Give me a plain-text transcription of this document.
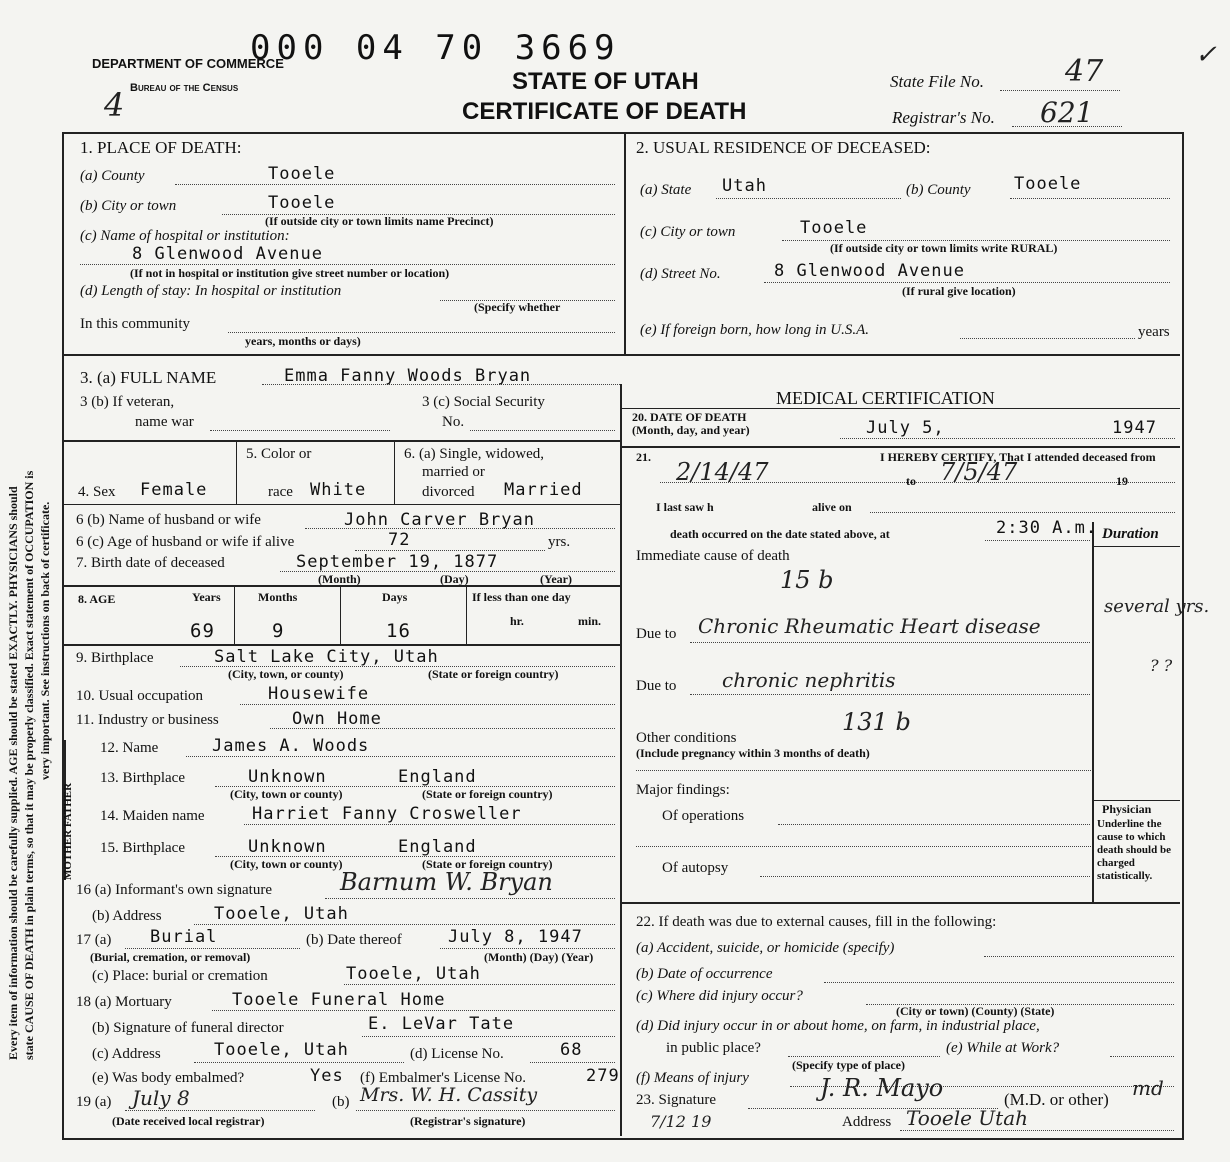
Every item of information should be carefully supplied. AGE should be stated EXACTLY. PHYSICIANS should state CAUSE OF DEATH in plain terms, so that it may be properly classified. Exact statement of OCCUPATION is very important. See instructions on back of certificate.
DEPARTMENT OF COMMERCE
Bureau of the Census
000 04 70 3669
STATE OF UTAH
CERTIFICATE OF DEATH
State File No.	47
Registrar's No. 621
4
✓
1. PLACE OF DEATH:
(a) County	Tooele
(b) City or town	Tooele
(If outside city or town limits name Precinct)
(c) Name of hospital or institution:
8 Glenwood Avenue
(If not in hospital or institution give street number or location)
(d) Length of stay: In hospital or institution
(Specify whether
In this community
years, months or days)
2. USUAL RESIDENCE OF DECEASED:
(a) State Utah	(b) County	Tooele
(c) City or town	Tooele
(If outside city or town limits write RURAL)
(d) Street No.	8 Glenwood Avenue
(If rural give location)
(e) If foreign born, how long in U.S.A.	years
3. (a) FULL NAME	Emma Fanny Woods Bryan
3 (b) If veteran,
name war
3 (c) Social Security
No.
4. Sex Female
5. Color or
race White
6. (a) Single, widowed,
married or
divorced Married
6 (b) Name of husband or wife	John Carver Bryan
6 (c) Age of husband or wife if alive	72	yrs.
7. Birth date of deceased	September 19, 1877
(Month)	(Day)	(Year)
8. AGE	Years	Months	Days	If less than one day
69	9	16	hr.	min.
9. Birthplace	Salt Lake City, Utah
(City, town, or county)	(State or foreign country)
10. Usual occupation	Housewife
11. Industry or business	Own Home
MOTHER FATHER
12. Name	James A. Woods
13. Birthplace	Unknown	England
(City, town or county)	(State or foreign country)
14. Maiden name	Harriet Fanny Crosweller
15. Birthplace	Unknown	England
(City, town or county)	(State or foreign country)
16 (a) Informant's own signature	Barnum W. Bryan
(b) Address	Tooele, Utah
17 (a) Burial
(Burial, cremation, or removal)
(b) Date thereof	July 8, 1947
(Month) (Day) (Year)
(c) Place: burial or cremation	Tooele, Utah
18 (a) Mortuary	Tooele Funeral Home
(b) Signature of funeral director	E. LeVar Tate
(c) Address	Tooele, Utah	(d) License No.	68
(e) Was body embalmed?	Yes (f) Embalmer's License No.	279
19 (a) July 8
(Date received local registrar)
(b) Mrs. W. H. Cassity
(Registrar's signature)
MEDICAL CERTIFICATION
20. DATE OF DEATH
(Month, day, and year)	July 5,	1947
21.	I HEREBY CERTIFY, That I attended deceased from
2/14/47	to 7/5/47	19
I last saw h	alive on
death occurred on the date stated above, at	2:30 A.m. Duration
Immediate cause of death
15 b
Due to Chronic Rheumatic Heart disease
several yrs.
Due to chronic nephritis
? ?
131 b
Other conditions
(Include pregnancy within 3 months of death)
Major findings:
Of operations
Of autopsy
Physician
Underline the cause to which death should be charged statistically.
22. If death was due to external causes, fill in the following:
(a) Accident, suicide, or homicide (specify)
(b) Date of occurrence
(c) Where did injury occur?
(City or town) (County) (State)
(d) Did injury occur in or about home, on farm, in industrial place,
in public place?
(Specify type of place)
(e) While at Work?
(f) Means of injury
23. Signature	J. R. Mayo	(M.D. or other) md
7/12 19	Address Tooele Utah
